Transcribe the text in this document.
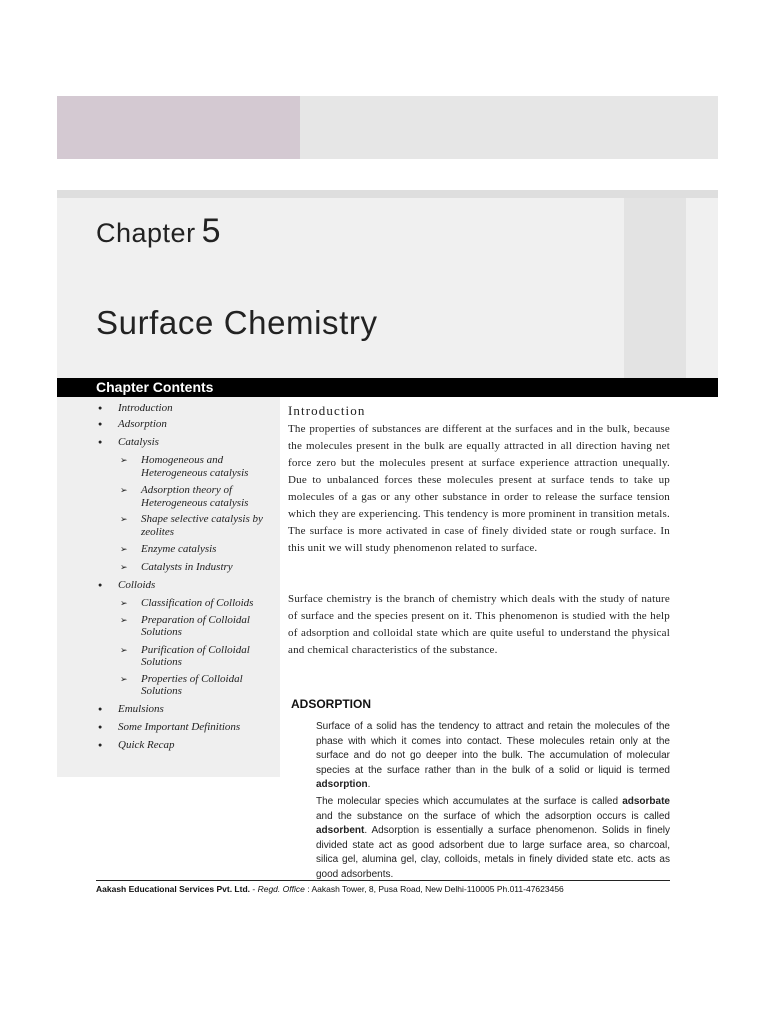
Chapter 5
Surface Chemistry
Chapter Contents
● Introduction
● Adsorption
● Catalysis
➢ Homogeneous and Heterogeneous catalysis
➢ Adsorption theory of Heterogeneous catalysis
➢ Shape selective catalysis by zeolites
➢ Enzyme catalysis
➢ Catalysts in Industry
● Colloids
➢ Classification of Colloids
➢ Preparation of Colloidal Solutions
➢ Purification of Colloidal Solutions
➢ Properties of Colloidal Solutions
● Emulsions
● Some Important Definitions
● Quick Recap
Introduction

The properties of substances are different at the surfaces and in the bulk, because the molecules present in the bulk are equally attracted in all direction having net force zero but the molecules present at surface experience attraction unequally. Due to unbalanced forces these molecules present at surface tends to take up molecules of a gas or any other substance in order to release the surface tension which they are experiencing. This tendency is more prominent in transition metals. The surface is more activated in case of finely divided state or rough surface. In this unit we will study phenomenon related to surface.

Surface chemistry is the branch of chemistry which deals with the study of nature of surface and the species present on it. This phenomenon is studied with the help of adsorption and colloidal state which are quite useful to understand the physical and chemical characteristics of the substance.

ADSORPTION

Surface of a solid has the tendency to attract and retain the molecules of the phase with which it comes into contact. These molecules retain only at the surface and do not go deeper into the bulk. The accumulation of molecular species at the surface rather than in the bulk of a solid or liquid is termed adsorption.

The molecular species which accumulates at the surface is called adsorbate and the substance on the surface of which the adsorption occurs is called adsorbent. Adsorption is essentially a surface phenomenon. Solids in finely divided state act as good adsorbent due to large surface area, so charcoal, silica gel, alumina gel, clay, colloids, metals in finely divided state etc. acts as good adsorbents.

Aakash Educational Services Pvt. Ltd. - Regd. Office : Aakash Tower, 8, Pusa Road, New Delhi-110005 Ph.011-47623456
